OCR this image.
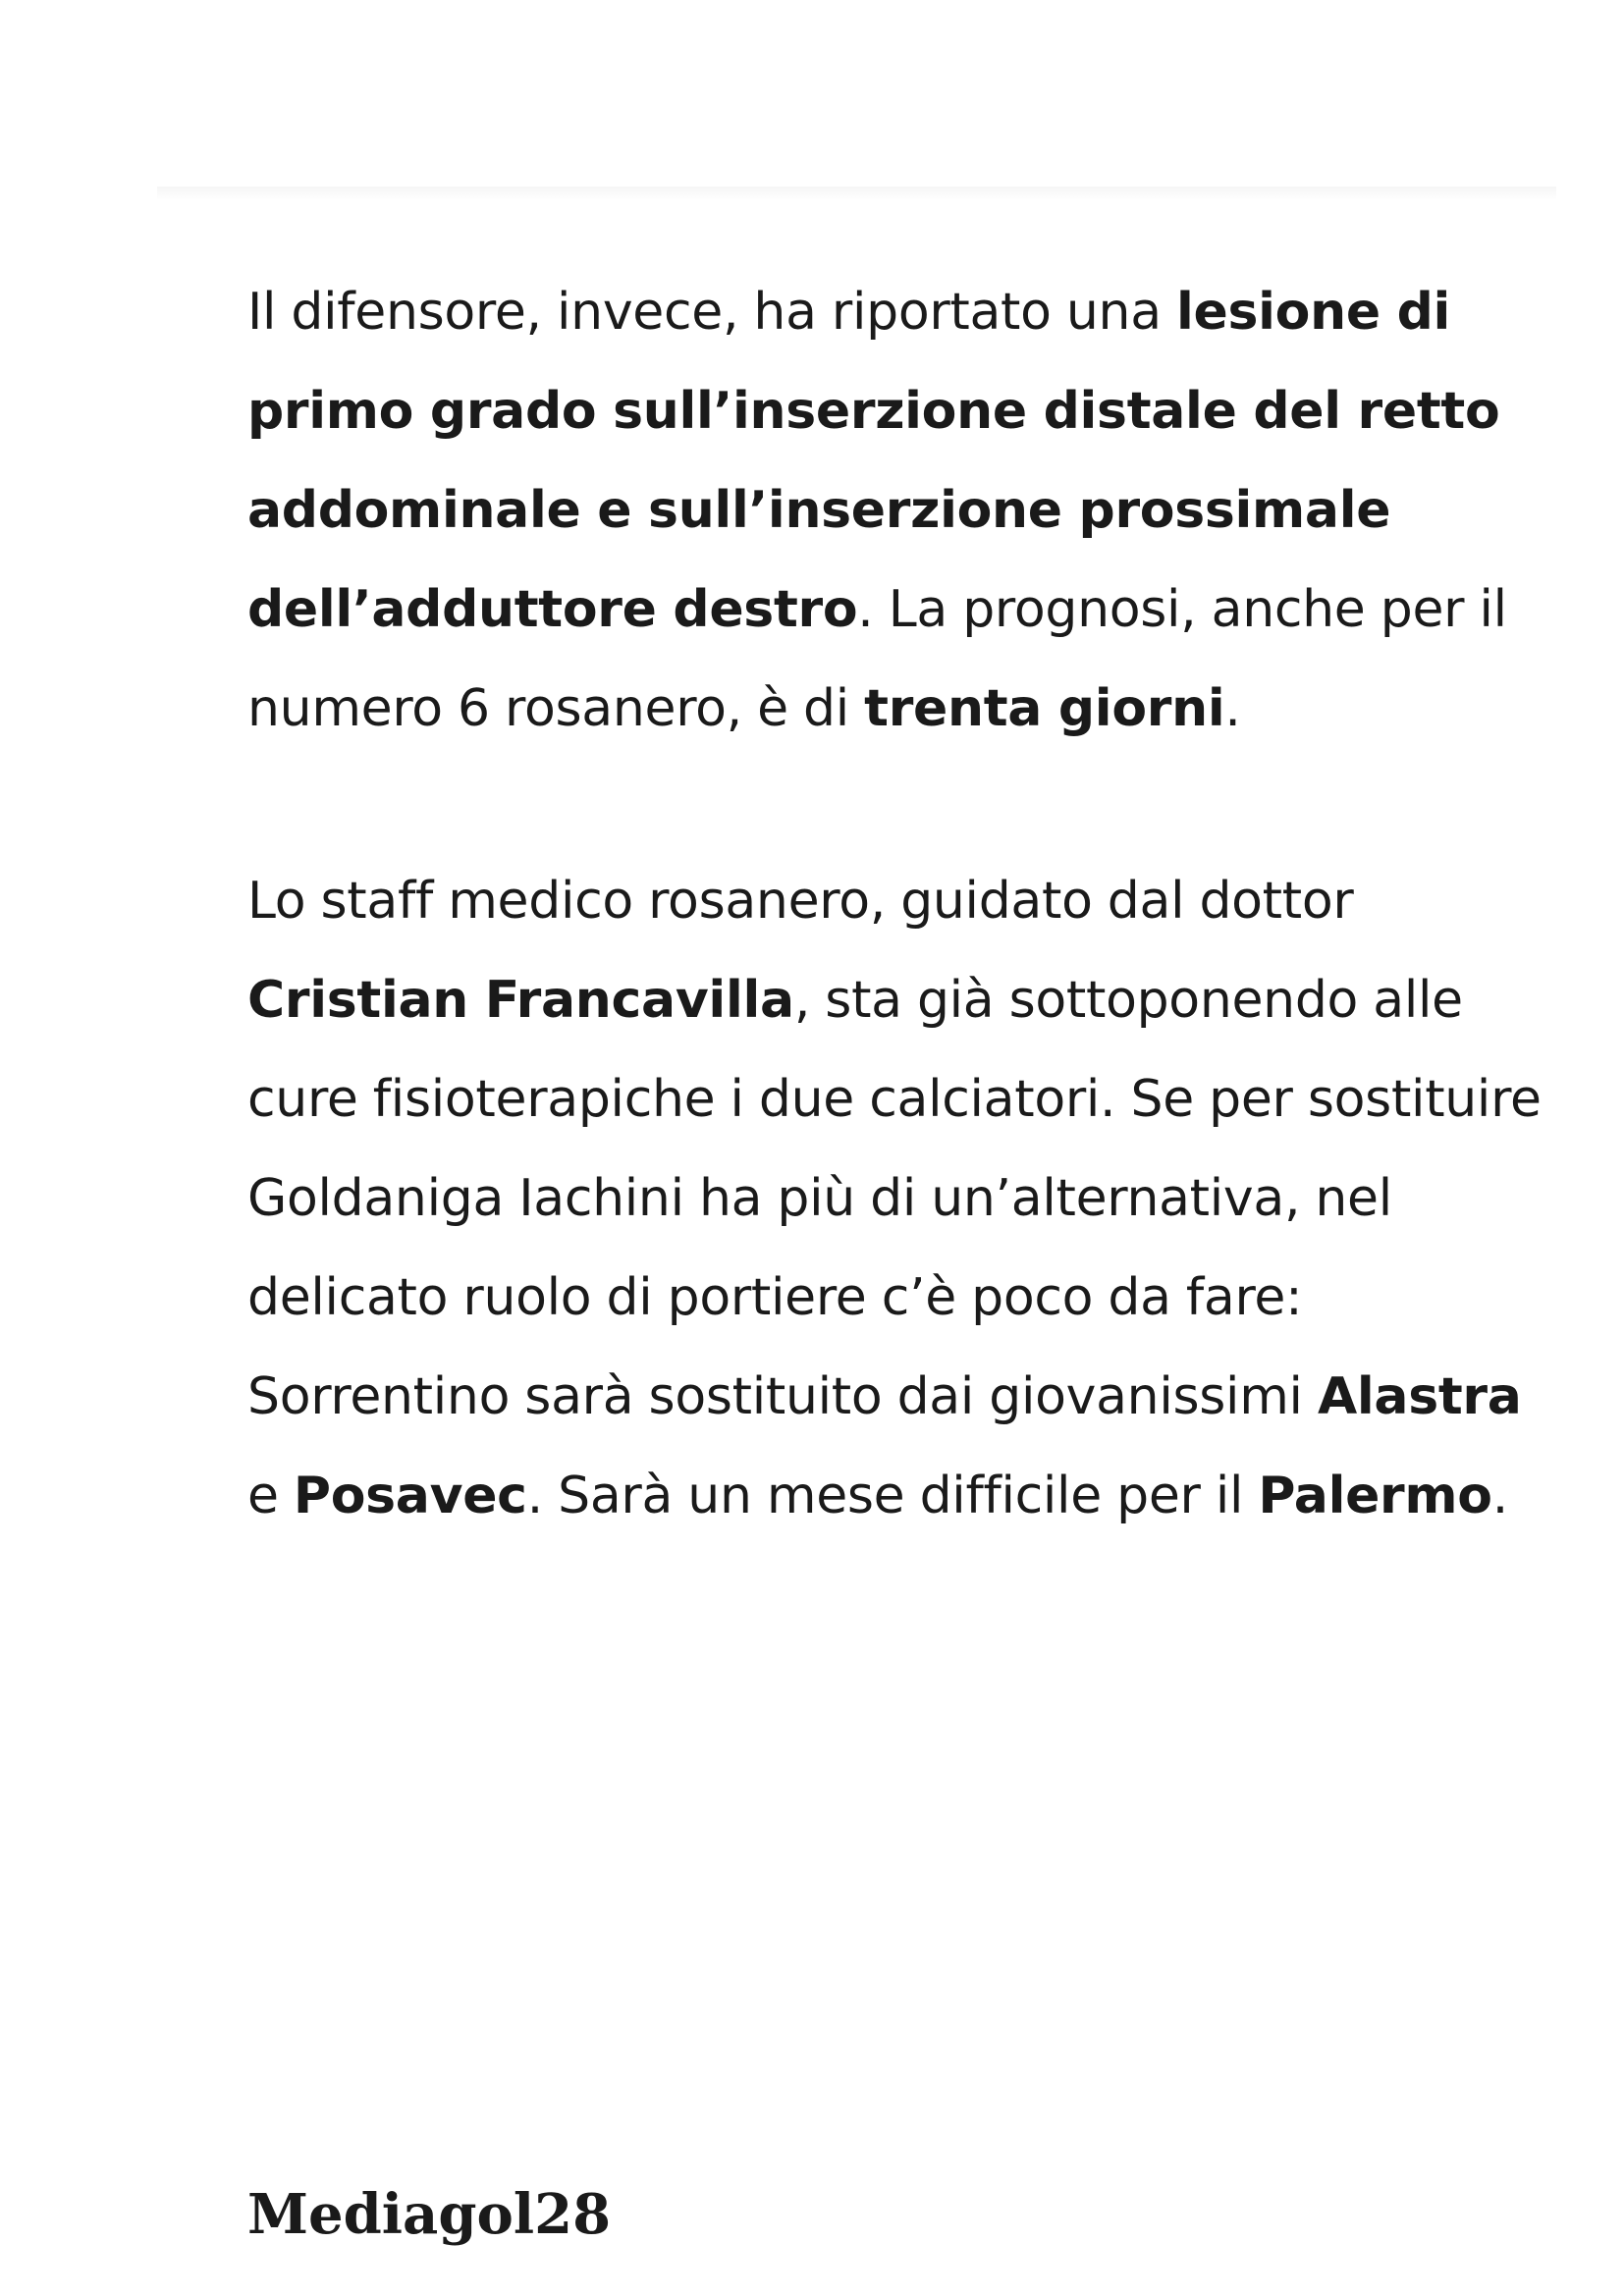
Il difensore, invece, ha riportato una lesione di primo grado sull’inserzione distale del retto addominale e sull’inserzione prossimale dell’adduttore destro. La prognosi, anche per il numero 6 rosanero, è di trenta giorni.

Lo staff medico rosanero, guidato dal dottor Cristian Francavilla, sta già sottoponendo alle cure fisioterapiche i due calciatori. Se per sostituire Goldaniga Iachini ha più di un’alternativa, nel delicato ruolo di portiere c’è poco da fare: Sorrentino sarà sostituito dai giovanissimi Alastra e Posavec. Sarà un mese difficile per il Palermo.

Mediagol28
